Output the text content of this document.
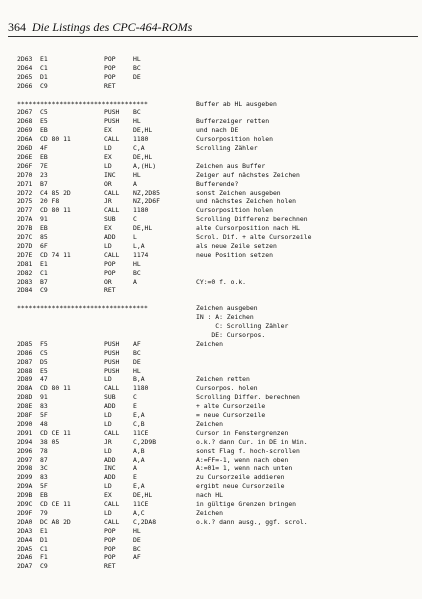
364 Die Listings des CPC-464-ROMs
2D63 E1	POP	HL
2D64 C1	POP	BC
2D65 D1	POP	DE
2D66 C9	RET
**********************************	Buffer ab HL ausgeben
2D67 C5	PUSH BC
2D68 E5	PUSH HL	Bufferzeiger retten
2D69 EB	EX	DE,HL	und nach DE
2D6A CD 80 11	CALL 1180	Cursorposition holen
2D6D 4F	LD	C,A	Scrolling Zähler
2D6E EB	EX	DE,HL
2D6F 7E	LD	A,(HL)	Zeichen aus Buffer
2D70 23	INC	HL	Zeiger auf nächstes Zeichen
2D71 B7	OR	A	Bufferende?
2D72 C4 85 2D	CALL NZ,2D85	sonst Zeichen ausgeben
2D75 20 F8	JR	NZ,2D6F	und nächstes Zeichen holen
2D77 CD 80 11	CALL 1180	Cursorposition holen
2D7A 91	SUB	C	Scrolling Differenz berechnen
2D7B EB	EX	DE,HL	alte Cursorposition nach HL
2D7C 85	ADD	L	Scrol. Dif. + alte Cursorzeile
2D7D 6F	LD	L,A	als neue Zeile setzen
2D7E CD 74 11	CALL 1174	neue Position setzen
2D81 E1	POP	HL
2D82 C1	POP	BC
2D83 B7	OR	A	CY:=0 f. o.k.
2D84 C9	RET
**********************************	Zeichen ausgeben
IN : A: Zeichen
C: Scrolling Zähler
DE: Cursorpos.
2D85 F5	PUSH AF	Zeichen
2D86 C5	PUSH BC
2D87 D5	PUSH DE
2D88 E5	PUSH HL
2D89 47	LD	B,A	Zeichen retten
2D8A CD 80 11	CALL 1180	Cursorpos. holen
2D8D 91	SUB	C	Scrolling Differ. berechnen
2D8E 83	ADD	E	+ alte Cursorzeile
2D8F 5F	LD	E,A	= neue Cursorzeile
2D90 48	LD	C,B	Zeichen
2D91 CD CE 11	CALL 11CE	Cursor in Fenstergrenzen
2D94 38 05	JR	C,2D9B	o.k.? dann Cur. in DE in Win.
2D96 78	LD	A,B	sonst Flag f. hoch-scrollen
2D97 87	ADD	A,A	A:=FF=-1, wenn nach oben
2D98 3C	INC	A	A:=01= 1, wenn nach unten
2D99 83	ADD	E	zu Cursorzeile addieren
2D9A 5F	LD	E,A	ergibt neue Cursorzeile
2D9B EB	EX	DE,HL	nach HL
2D9C CD CE 11	CALL 11CE	in gültige Grenzen bringen
2D9F 79	LD	A,C	Zeichen
2DA0 DC A8 2D	CALL C,2DA8	o.k.? dann ausg., ggf. scrol.
2DA3 E1	POP	HL
2DA4 D1	POP	DE
2DA5 C1	POP	BC
2DA6 F1	POP	AF
2DA7 C9	RET
